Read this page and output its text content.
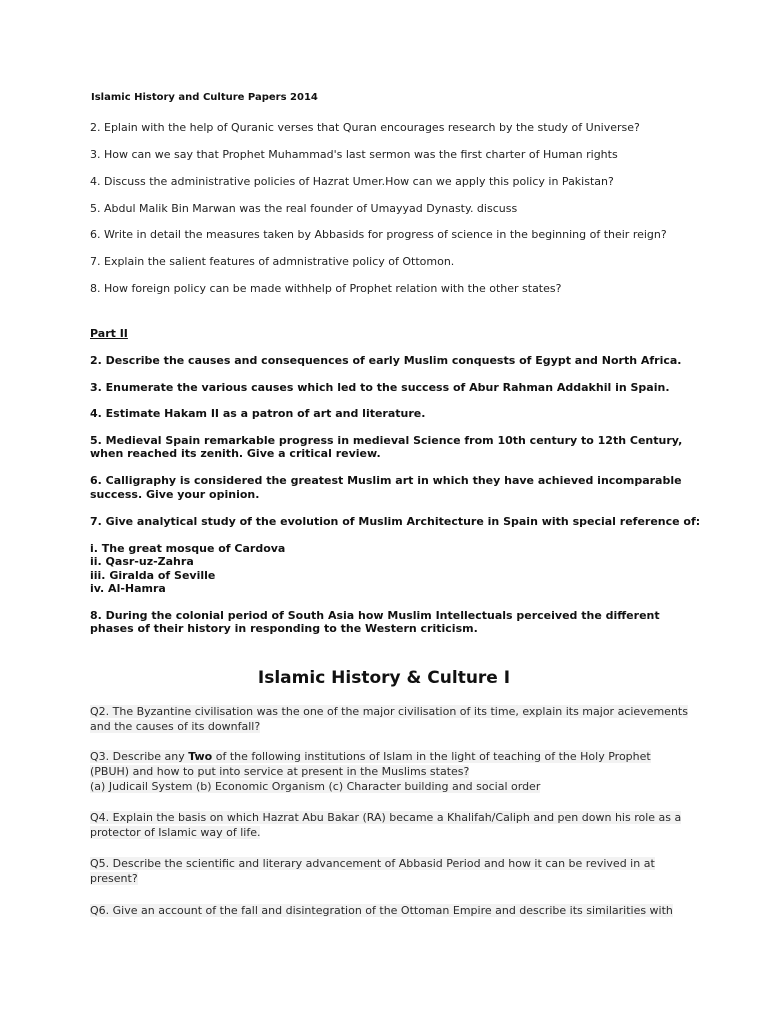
Islamic History and Culture Papers 2014
2. Eplain with the help of Quranic verses that Quran encourages research by the study of Universe?
3. How can we say that Prophet Muhammad's last sermon was the first charter of Human rights
4. Discuss the administrative policies of Hazrat Umer.How can we apply this policy in Pakistan?
5. Abdul Malik Bin Marwan was the real founder of Umayyad Dynasty. discuss
6. Write in detail the measures taken by Abbasids for progress of science in the beginning of their reign?
7. Explain the salient features of admnistrative policy of Ottomon.
8. How foreign policy can be made withhelp of Prophet relation with the other states?
Part II
2. Describe the causes and consequences of early Muslim conquests of Egypt and North Africa.
3. Enumerate the various causes which led to the success of Abur Rahman Addakhil in Spain.
4. Estimate Hakam II as a patron of art and literature.
5. Medieval Spain remarkable progress in medieval Science from 10th century to 12th Century,
when reached its zenith. Give a critical review.
6. Calligraphy is considered the greatest Muslim art in which they have achieved incomparable
success. Give your opinion.
7. Give analytical study of the evolution of Muslim Architecture in Spain with special reference of:
i. The great mosque of Cardova
ii. Qasr-uz-Zahra
iii. Giralda of Seville
iv. Al-Hamra
8. During the colonial period of South Asia how Muslim Intellectuals perceived the different
phases of their history in responding to the Western criticism.
Islamic History & Culture I
Q2. The Byzantine civilisation was the one of the major civilisation of its time, explain its major acievements
and the causes of its downfall?
Q3. Describe any Two of the following institutions of Islam in the light of teaching of the Holy Prophet
(PBUH) and how to put into service at present in the Muslims states?
(a) Judicail System (b) Economic Organism (c) Character building and social order
Q4. Explain the basis on which Hazrat Abu Bakar (RA) became a Khalifah/Caliph and pen down his role as a
protector of Islamic way of life.
Q5. Describe the scientific and literary advancement of Abbasid Period and how it can be revived in at
present?
Q6. Give an account of the fall and disintegration of the Ottoman Empire and describe its similarities with
